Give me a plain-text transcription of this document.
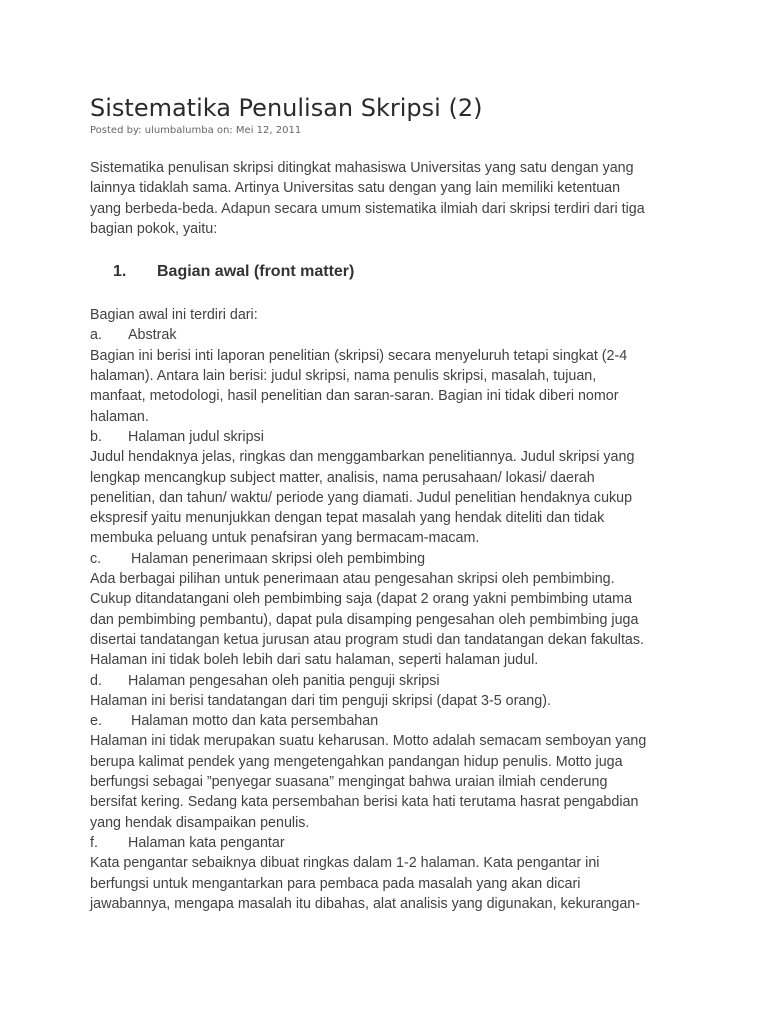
Sistematika Penulisan Skripsi (2)
Posted by: ulumbalumba on: Mei 12, 2011
Sistematika penulisan skripsi ditingkat mahasiswa Universitas yang satu dengan yang
lainnya tidaklah sama. Artinya Universitas satu dengan yang lain memiliki ketentuan
yang berbeda-beda. Adapun secara umum sistematika ilmiah dari skripsi terdiri dari tiga
bagian pokok, yaitu:
1. Bagian awal (front matter)
Bagian awal ini terdiri dari:
a. Abstrak
Bagian ini berisi inti laporan penelitian (skripsi) secara menyeluruh tetapi singkat (2-4
halaman). Antara lain berisi: judul skripsi, nama penulis skripsi, masalah, tujuan,
manfaat, metodologi, hasil penelitian dan saran-saran. Bagian ini tidak diberi nomor
halaman.
b. Halaman judul skripsi
Judul hendaknya jelas, ringkas dan menggambarkan penelitiannya. Judul skripsi yang
lengkap mencangkup subject matter, analisis, nama perusahaan/ lokasi/ daerah
penelitian, dan tahun/ waktu/ periode yang diamati. Judul penelitian hendaknya cukup
ekspresif yaitu menunjukkan dengan tepat masalah yang hendak diteliti dan tidak
membuka peluang untuk penafsiran yang bermacam-macam.
c. Halaman penerimaan skripsi oleh pembimbing
Ada berbagai pilihan untuk penerimaan atau pengesahan skripsi oleh pembimbing.
Cukup ditandatangani oleh pembimbing saja (dapat 2 orang yakni pembimbing utama
dan pembimbing pembantu), dapat pula disamping pengesahan oleh pembimbing juga
disertai tandatangan ketua jurusan atau program studi dan tandatangan dekan fakultas.
Halaman ini tidak boleh lebih dari satu halaman, seperti halaman judul.
d. Halaman pengesahan oleh panitia penguji skripsi
Halaman ini berisi tandatangan dari tim penguji skripsi (dapat 3-5 orang).
e. Halaman motto dan kata persembahan
Halaman ini tidak merupakan suatu keharusan. Motto adalah semacam semboyan yang
berupa kalimat pendek yang mengetengahkan pandangan hidup penulis. Motto juga
berfungsi sebagai ”penyegar suasana” mengingat bahwa uraian ilmiah cenderung
bersifat kering. Sedang kata persembahan berisi kata hati terutama hasrat pengabdian
yang hendak disampaikan penulis.
f. Halaman kata pengantar
Kata pengantar sebaiknya dibuat ringkas dalam 1-2 halaman. Kata pengantar ini
berfungsi untuk mengantarkan para pembaca pada masalah yang akan dicari
jawabannya, mengapa masalah itu dibahas, alat analisis yang digunakan, kekurangan-
